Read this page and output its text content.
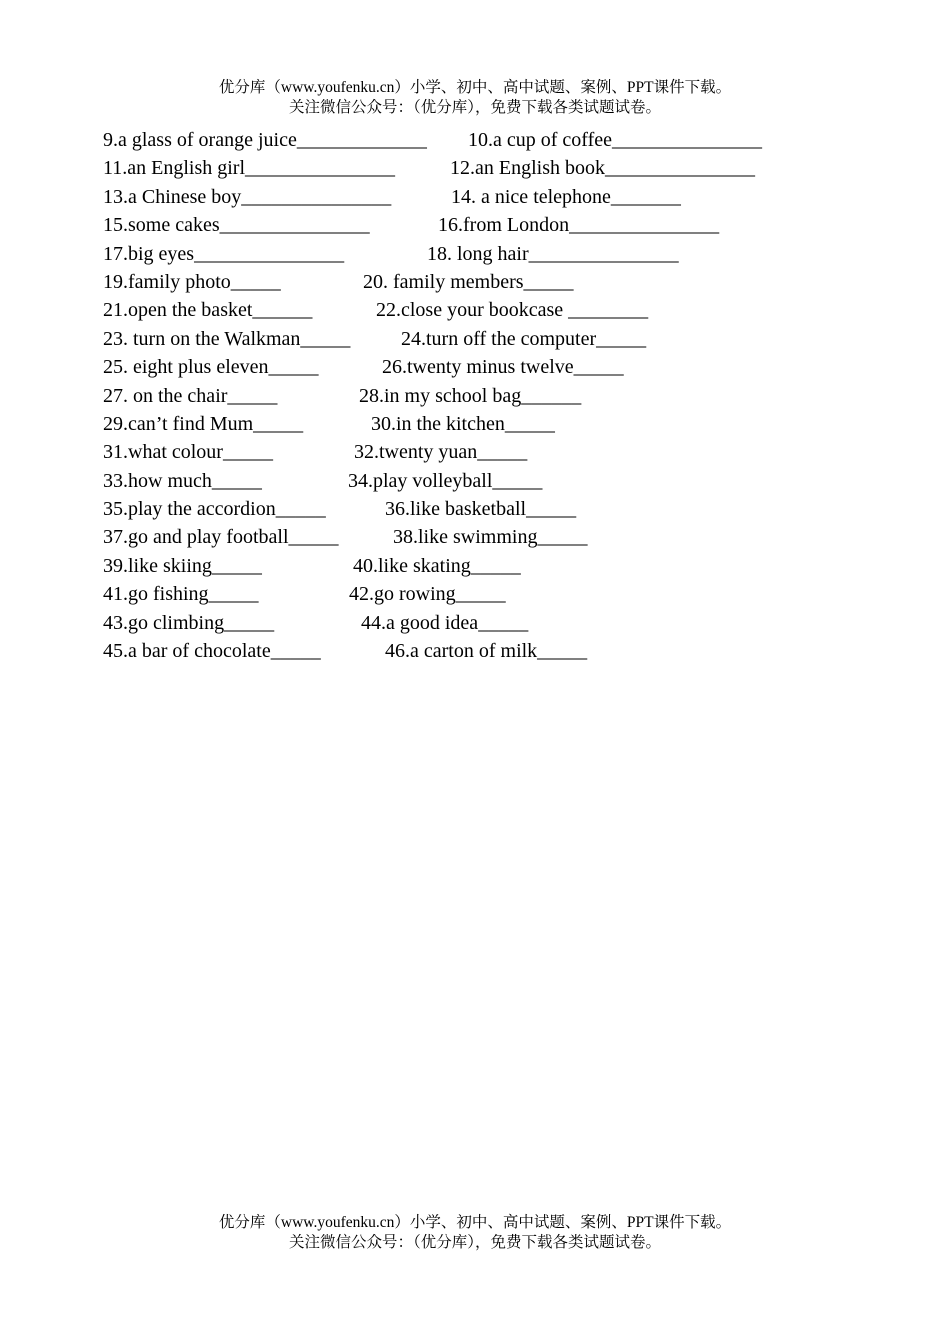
优分库（www.youfenku.cn）小学、初中、高中试题、案例、PPT课件下载。
关注微信公众号：（优分库），免费下载各类试题试卷。
9.a glass of orange juice_____________ 10.a cup of coffee_______________
11.an English girl_______________	12.an English book_______________
13.a Chinese boy_______________	14. a nice telephone_______
15.some cakes_______________	16.from London_______________
17.big eyes_______________	18. long hair_______________
19.family photo_____	20. family members_____
21.open the basket______	22.close your bookcase ________
23. turn on the Walkman_____	24.turn off the computer_____
25. eight plus eleven_____	26.twenty minus twelve_____
27. on the chair_____	28.in my school bag______
29.can’t find Mum_____	30.in the kitchen_____
31.what colour_____	32.twenty yuan_____
33.how much_____	34.play volleyball_____
35.play the accordion_____	36.like basketball_____
37.go and play football_____	38.like swimming_____
39.like skiing_____	40.like skating_____
41.go fishing_____	42.go rowing_____
43.go climbing_____	44.a good idea_____
45.a bar of chocolate_____	46.a carton of milk_____
优分库（www.youfenku.cn）小学、初中、高中试题、案例、PPT课件下载。
关注微信公众号：（优分库），免费下载各类试题试卷。
